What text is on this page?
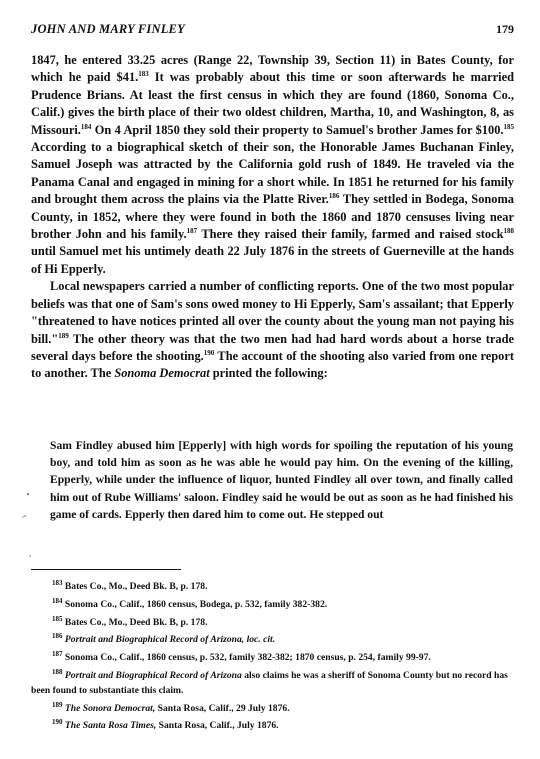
JOHN AND MARY FINLEY	179

1847, he entered 33.25 acres (Range 22, Township 39, Section 11) in Bates County, for which he paid $41.$^{183}$ It was probably about this time or soon afterwards he married Prudence Brians. At least the first census in which they are found (1860, Sonoma Co., Calif.) gives the birth place of their two oldest children, Martha, 10, and Washington, 8, as Missouri.$^{184}$ On 4 April 1850 they sold their property to Samuel's brother James for $100.$^{185}$ According to a biographical sketch of their son, the Honorable James Buchanan Finley, Samuel Joseph was attracted by the California gold rush of 1849. He traveled via the Panama Canal and engaged in mining for a short while. In 1851 he returned for his family and brought them across the plains via the Platte River.$^{186}$ They settled in Bodega, Sonoma County, in 1852, where they were found in both the 1860 and 1870 censuses living near brother John and his family.$^{187}$ There they raised their family, farmed and raised stock$^{188}$ until Samuel met his untimely death 22 July 1876 in the streets of Guerneville at the hands of Hi Epperly.

Local newspapers carried a number of conflicting reports. One of the two most popular beliefs was that one of Sam's sons owed money to Hi Epperly, Sam's assailant; that Epperly "threatened to have notices printed all over the county about the young man not paying his bill."$^{189}$ The other theory was that the two men had had hard words about a horse trade several days before the shooting.$^{190}$ The account of the shooting also varied from one report to another. The Sonoma Democrat printed the following:

Sam Findley abused him [Epperly] with high words for spoiling the reputation of his young boy, and told him as soon as he was able he would pay him. On the evening of the killing, Epperly, while under the influence of liquor, hunted Findley all over town, and finally called him out of Rube Williams' saloon. Findley said he would be out as soon as he had finished his game of cards. Epperly then dared him to come out. He stepped out

$^{183}$ Bates Co., Mo., Deed Bk. B, p. 178.

$^{184}$ Sonoma Co., Calif., 1860 census, Bodega, p. 532, family 382-382.

$^{185}$ Bates Co., Mo., Deed Bk. B, p. 178.

$^{186}$ Portrait and Biographical Record of Arizona, loc. cit.

$^{187}$ Sonoma Co., Calif., 1860 census, p. 532, family 382-382; 1870 census, p. 254, family 99-97.

$^{188}$ Portrait and Biographical Record of Arizona also claims he was a sheriff of Sonoma County but no record has been found to substantiate this claim.

$^{189}$ The Sonora Democrat, Santa Rosa, Calif., 29 July 1876.

$^{190}$ The Santa Rosa Times, Santa Rosa, Calif., July 1876.
